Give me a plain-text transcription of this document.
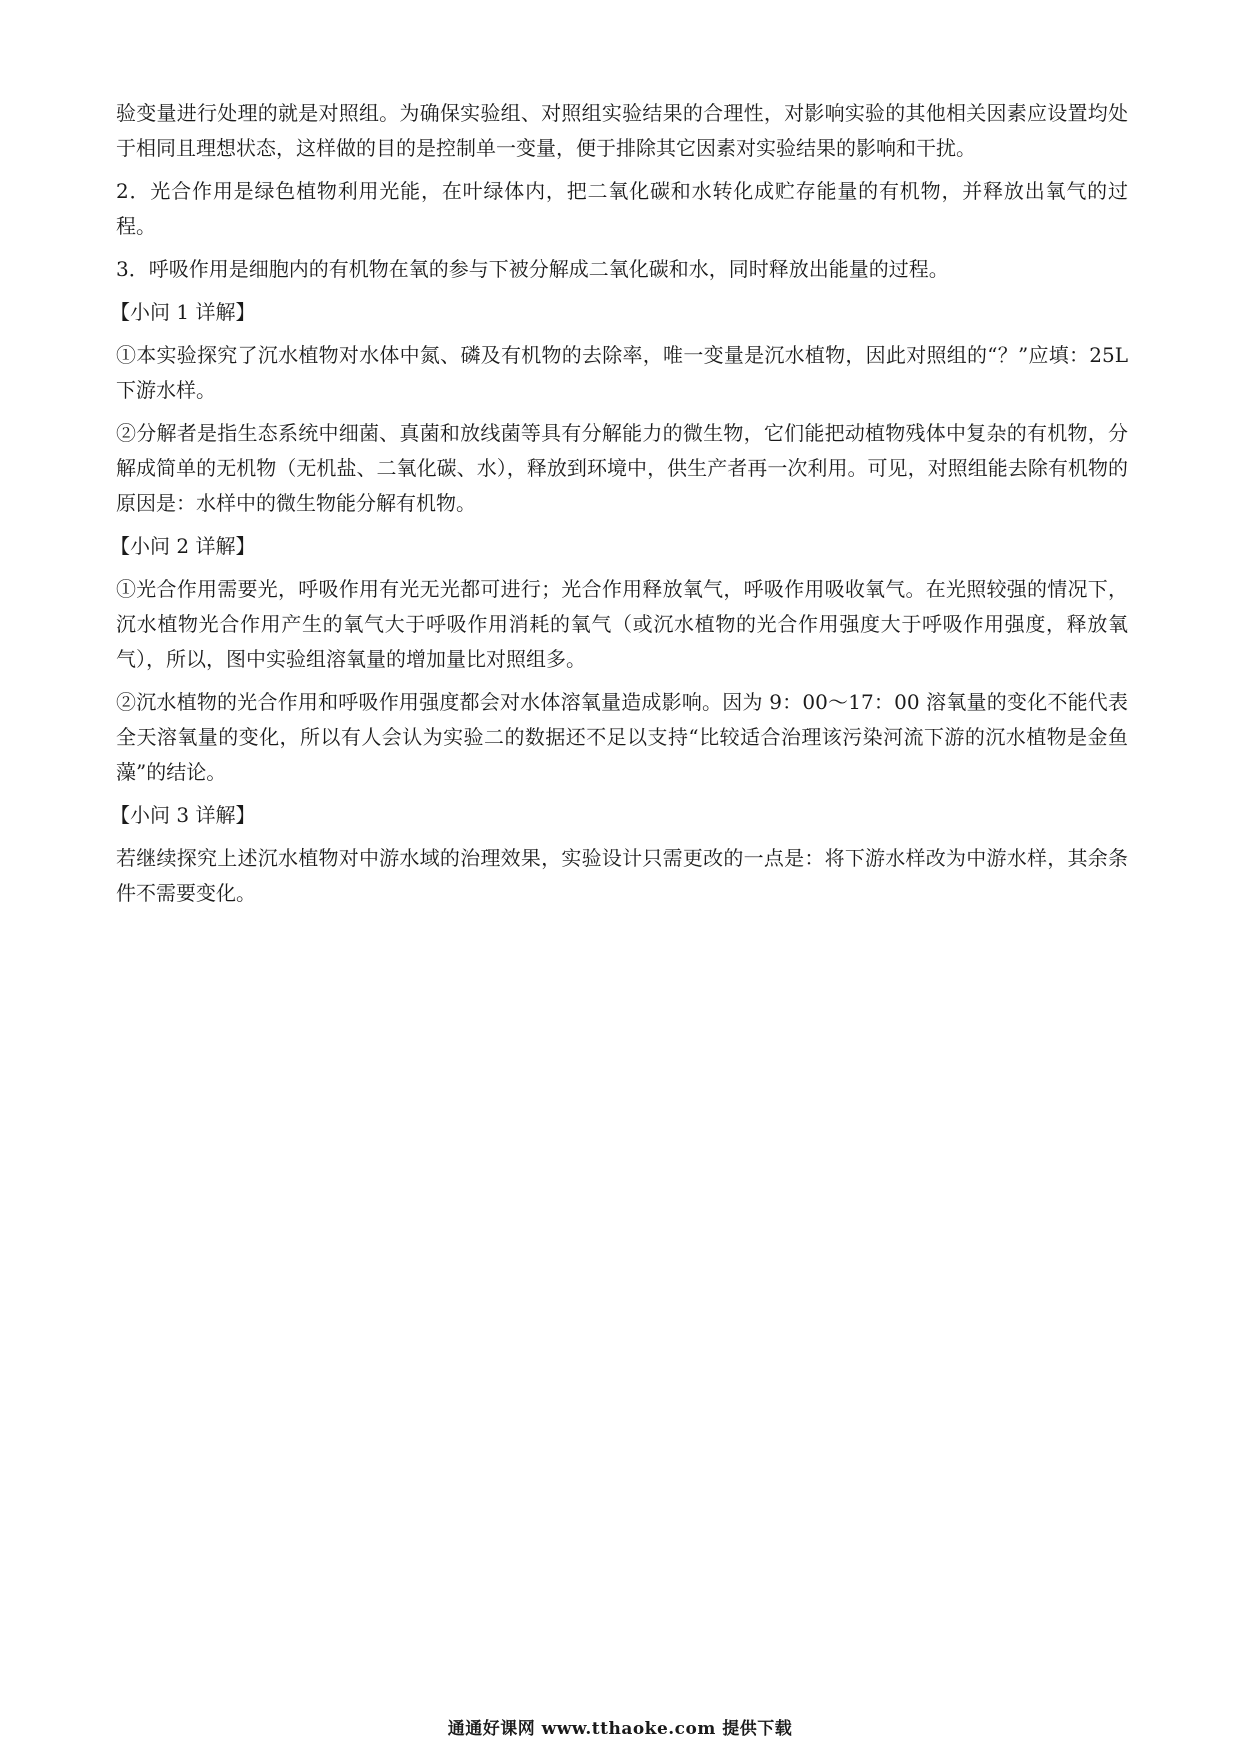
验变量进行处理的就是对照组。为确保实验组、对照组实验结果的合理性，对影响实验的其他相关因素应设置均处于相同且理想状态，这样做的目的是控制单一变量，便于排除其它因素对实验结果的影响和干扰。

2．光合作用是绿色植物利用光能，在叶绿体内，把二氧化碳和水转化成贮存能量的有机物，并释放出氧气的过程。

3．呼吸作用是细胞内的有机物在氧的参与下被分解成二氧化碳和水，同时释放出能量的过程。

【小问 1 详解】

①本实验探究了沉水植物对水体中氮、磷及有机物的去除率，唯一变量是沉水植物，因此对照组的“？”应填：25L 下游水样。

②分解者是指生态系统中细菌、真菌和放线菌等具有分解能力的微生物，它们能把动植物残体中复杂的有机物，分解成简单的无机物（无机盐、二氧化碳、水），释放到环境中，供生产者再一次利用。可见，对照组能去除有机物的原因是：水样中的微生物能分解有机物。

【小问 2 详解】

①光合作用需要光，呼吸作用有光无光都可进行；光合作用释放氧气，呼吸作用吸收氧气。在光照较强的情况下，沉水植物光合作用产生的氧气大于呼吸作用消耗的氧气（或沉水植物的光合作用强度大于呼吸作用强度，释放氧气），所以，图中实验组溶氧量的增加量比对照组多。

②沉水植物的光合作用和呼吸作用强度都会对水体溶氧量造成影响。因为 9：00～17：00 溶氧量的变化不能代表全天溶氧量的变化，所以有人会认为实验二的数据还不足以支持“比较适合治理该污染河流下游的沉水植物是金鱼藻”的结论。

【小问 3 详解】

若继续探究上述沉水植物对中游水域的治理效果，实验设计只需更改的一点是：将下游水样改为中游水样，其余条件不需要变化。

通通好课网 www.tthaoke.com 提供下载
